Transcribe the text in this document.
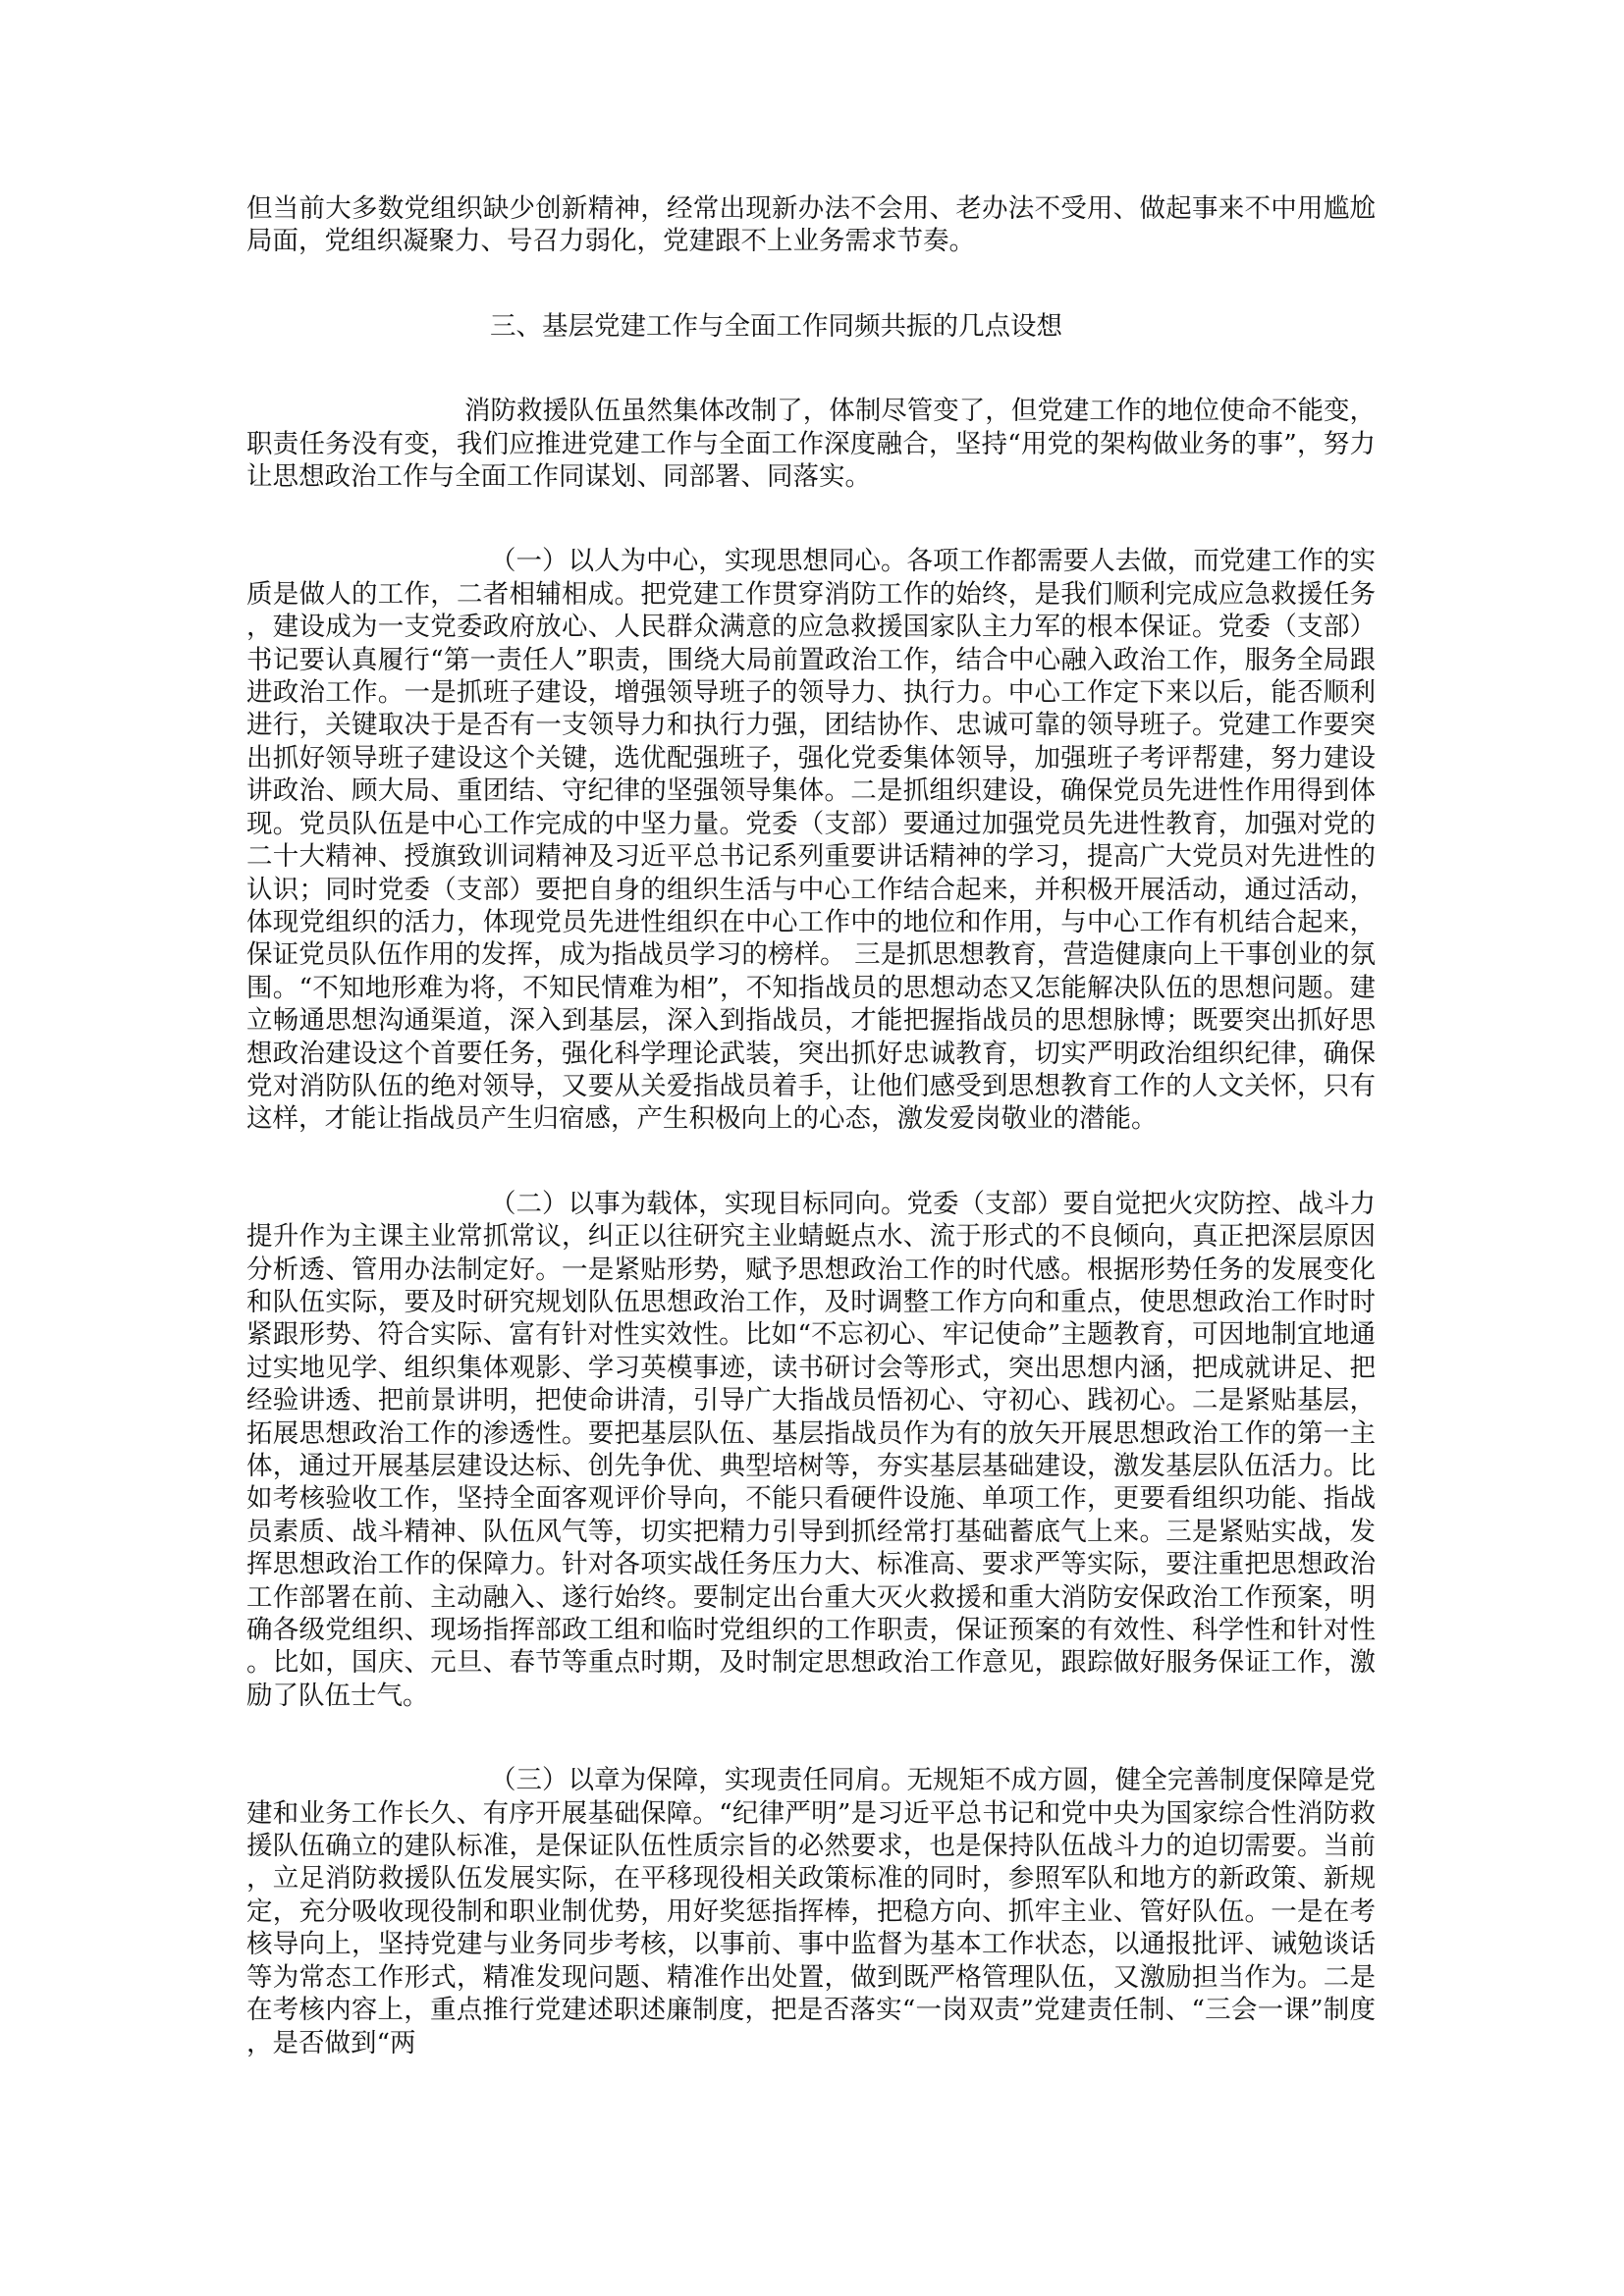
但当前大多数党组织缺少创新精神，经常出现新办法不会用、老办法不受用、做起事来不中用尴尬局面，党组织凝聚力、号召力弱化，党建跟不上业务需求节奏。

三、基层党建工作与全面工作同频共振的几点设想

消防救援队伍虽然集体改制了，体制尽管变了，但党建工作的地位使命不能变，职责任务没有变，我们应推进党建工作与全面工作深度融合，坚持“用党的架构做业务的事”，努力让思想政治工作与全面工作同谋划、同部署、同落实。

（一）以人为中心，实现思想同心。各项工作都需要人去做，而党建工作的实质是做人的工作，二者相辅相成。把党建工作贯穿消防工作的始终，是我们顺利完成应急救援任务，建设成为一支党委政府放心、人民群众满意的应急救援国家队主力军的根本保证。党委（支部）书记要认真履行“第一责任人”职责，围绕大局前置政治工作，结合中心融入政治工作，服务全局跟进政治工作。一是抓班子建设，增强领导班子的领导力、执行力。中心工作定下来以后，能否顺利进行，关键取决于是否有一支领导力和执行力强，团结协作、忠诚可靠的领导班子。党建工作要突出抓好领导班子建设这个关键，选优配强班子，强化党委集体领导，加强班子考评帮建，努力建设讲政治、顾大局、重团结、守纪律的坚强领导集体。二是抓组织建设，确保党员先进性作用得到体现。党员队伍是中心工作完成的中坚力量。党委（支部）要通过加强党员先进性教育，加强对党的二十大精神、授旗致训词精神及习近平总书记系列重要讲话精神的学习，提高广大党员对先进性的认识；同时党委（支部）要把自身的组织生活与中心工作结合起来，并积极开展活动，通过活动，体现党组织的活力，体现党员先进性组织在中心工作中的地位和作用，与中心工作有机结合起来，保证党员队伍作用的发挥，成为指战员学习的榜样。 三是抓思想教育，营造健康向上干事创业的氛围。“不知地形难为将，不知民情难为相”，不知指战员的思想动态又怎能解决队伍的思想问题。建立畅通思想沟通渠道，深入到基层，深入到指战员，才能把握指战员的思想脉博；既要突出抓好思想政治建设这个首要任务，强化科学理论武装，突出抓好忠诚教育，切实严明政治组织纪律，确保党对消防队伍的绝对领导，又要从关爱指战员着手，让他们感受到思想教育工作的人文关怀，只有这样，才能让指战员产生归宿感，产生积极向上的心态，激发爱岗敬业的潜能。

（二）以事为载体，实现目标同向。党委（支部）要自觉把火灾防控、战斗力提升作为主课主业常抓常议，纠正以往研究主业蜻蜓点水、流于形式的不良倾向，真正把深层原因分析透、管用办法制定好。一是紧贴形势，赋予思想政治工作的时代感。根据形势任务的发展变化和队伍实际，要及时研究规划队伍思想政治工作，及时调整工作方向和重点，使思想政治工作时时紧跟形势、符合实际、富有针对性实效性。比如“不忘初心、牢记使命”主题教育，可因地制宜地通过实地见学、组织集体观影、学习英模事迹，读书研讨会等形式，突出思想内涵，把成就讲足、把经验讲透、把前景讲明，把使命讲清，引导广大指战员悟初心、守初心、践初心。二是紧贴基层，拓展思想政治工作的渗透性。要把基层队伍、基层指战员作为有的放矢开展思想政治工作的第一主体，通过开展基层建设达标、创先争优、典型培树等，夯实基层基础建设，激发基层队伍活力。比如考核验收工作，坚持全面客观评价导向，不能只看硬件设施、单项工作，更要看组织功能、指战员素质、战斗精神、队伍风气等，切实把精力引导到抓经常打基础蓄底气上来。三是紧贴实战，发挥思想政治工作的保障力。针对各项实战任务压力大、标准高、要求严等实际，要注重把思想政治工作部署在前、主动融入、遂行始终。要制定出台重大灭火救援和重大消防安保政治工作预案，明确各级党组织、现场指挥部政工组和临时党组织的工作职责，保证预案的有效性、科学性和针对性。比如，国庆、元旦、春节等重点时期，及时制定思想政治工作意见，跟踪做好服务保证工作，激励了队伍士气。

（三）以章为保障，实现责任同肩。无规矩不成方圆，健全完善制度保障是党建和业务工作长久、有序开展基础保障。“纪律严明”是习近平总书记和党中央为国家综合性消防救援队伍确立的建队标准，是保证队伍性质宗旨的必然要求，也是保持队伍战斗力的迫切需要。当前，立足消防救援队伍发展实际，在平移现役相关政策标准的同时，参照军队和地方的新政策、新规定，充分吸收现役制和职业制优势，用好奖惩指挥棒，把稳方向、抓牢主业、管好队伍。一是在考核导向上，坚持党建与业务同步考核，以事前、事中监督为基本工作状态，以通报批评、诫勉谈话等为常态工作形式，精准发现问题、精准作出处置，做到既严格管理队伍，又激励担当作为。二是在考核内容上，重点推行党建述职述廉制度，把是否落实“一岗双责”党建责任制、“三会一课”制度，是否做到“两
